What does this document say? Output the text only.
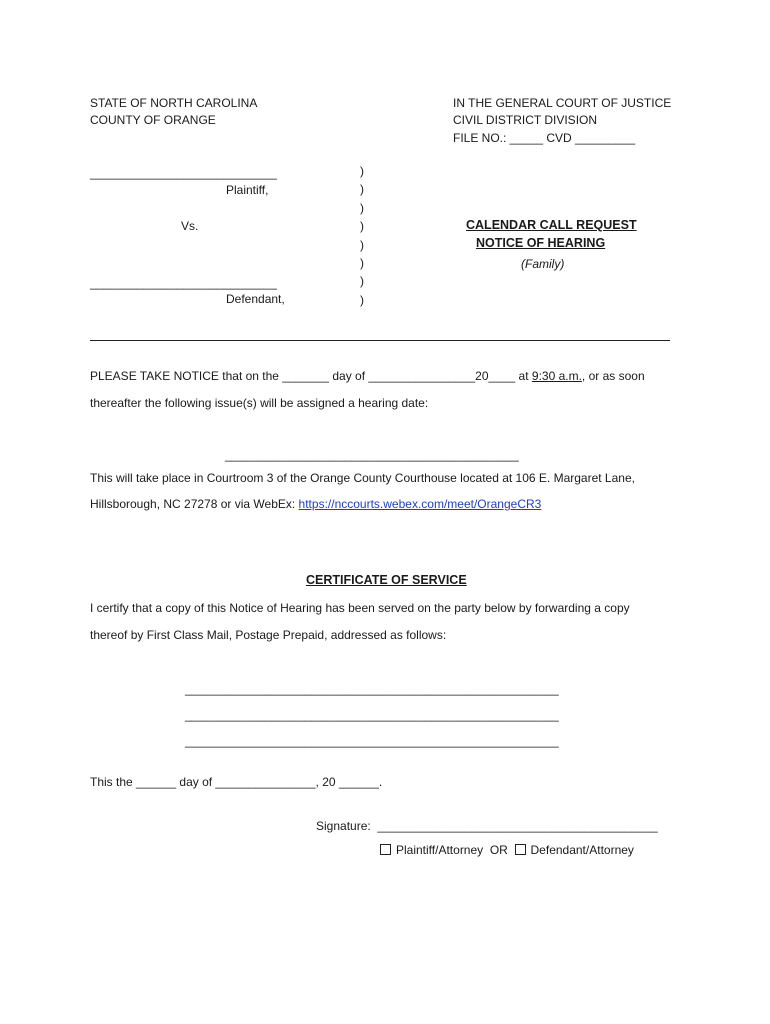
STATE OF NORTH CAROLINA
COUNTY OF ORANGE
IN THE GENERAL COURT OF JUSTICE
CIVIL DISTRICT DIVISION
FILE NO.: _____ CVD _________
____________________________
Plaintiff,
Vs.
____________________________
Defendant,
)
)
)
)
)
)
)
)
CALENDAR CALL REQUEST
NOTICE OF HEARING
(Family)
PLEASE TAKE NOTICE that on the _______ day of ________________20____ at 9:30 a.m., or as soon
thereafter the following issue(s) will be assigned a hearing date:
____________________________________________
This will take place in Courtroom 3 of the Orange County Courthouse located at 106 E. Margaret Lane,
Hillsborough, NC 27278 or via WebEx: https://nccourts.webex.com/meet/OrangeCR3
CERTIFICATE OF SERVICE
I certify that a copy of this Notice of Hearing has been served on the party below by forwarding a copy
thereof by First Class Mail, Postage Prepaid, addressed as follows:
________________________________________________________
________________________________________________________
________________________________________________________
This the ______ day of _______________, 20 ______.
Signature: __________________________________________
Plaintiff/Attorney OR Defendant/Attorney
